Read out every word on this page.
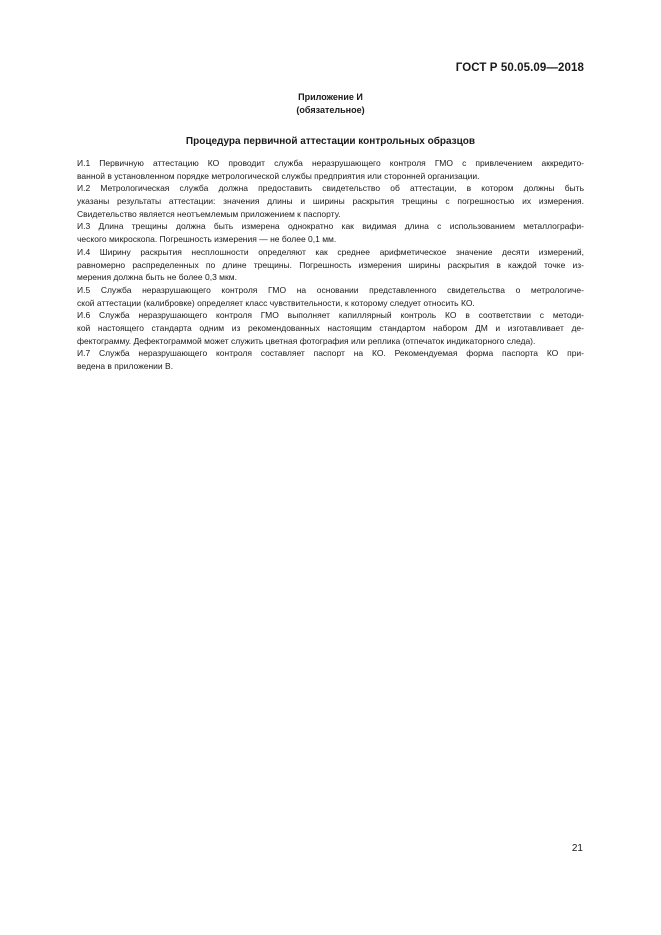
ГОСТ Р 50.05.09—2018
Приложение И
(обязательное)
Процедура первичной аттестации контрольных образцов
И.1 Первичную аттестацию КО проводит служба неразрушающего контроля ГМО с привлечением аккредито-
ванной в установленном порядке метрологической службы предприятия или сторонней организации.
И.2 Метрологическая служба должна предоставить свидетельство об аттестации, в котором должны быть
указаны результаты аттестации: значения длины и ширины раскрытия трещины с погрешностью их измерения.
Свидетельство является неотъемлемым приложением к паспорту.
И.3 Длина трещины должна быть измерена однократно как видимая длина с использованием металлографи-
ческого микроскопа. Погрешность измерения — не более 0,1 мм.
И.4 Ширину раскрытия несплошности определяют как среднее арифметическое значение десяти измерений,
равномерно распределенных по длине трещины. Погрешность измерения ширины раскрытия в каждой точке из-
мерения должна быть не более 0,3 мкм.
И.5 Служба неразрушающего контроля ГМО на основании представленного свидетельства о метрологиче-
ской аттестации (калибровке) определяет класс чувствительности, к которому следует относить КО.
И.6 Служба неразрушающего контроля ГМО выполняет капиллярный контроль КО в соответствии с методи-
кой настоящего стандарта одним из рекомендованных настоящим стандартом набором ДМ и изготавливает де-
фектограмму. Дефектограммой может служить цветная фотография или реплика (отпечаток индикаторного следа).
И.7 Служба неразрушающего контроля составляет паспорт на КО. Рекомендуемая форма паспорта КО при-
ведена в приложении В.
21
